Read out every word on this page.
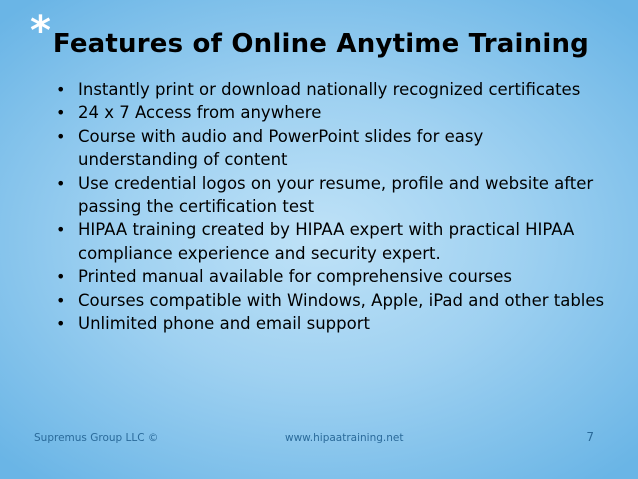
* Features of Online Anytime Training
• Instantly print or download nationally recognized certificates
• 24 x 7 Access from anywhere
• Course with audio and PowerPoint slides for easy understanding of content
• Use credential logos on your resume, profile and website after passing the certification test
• HIPAA training created by HIPAA expert with practical HIPAA compliance experience and security expert.
• Printed manual available for comprehensive courses
• Courses compatible with Windows, Apple, iPad and other tables
• Unlimited phone and email support
Supremus Group LLC ©	www.hipaatraining.net	7
